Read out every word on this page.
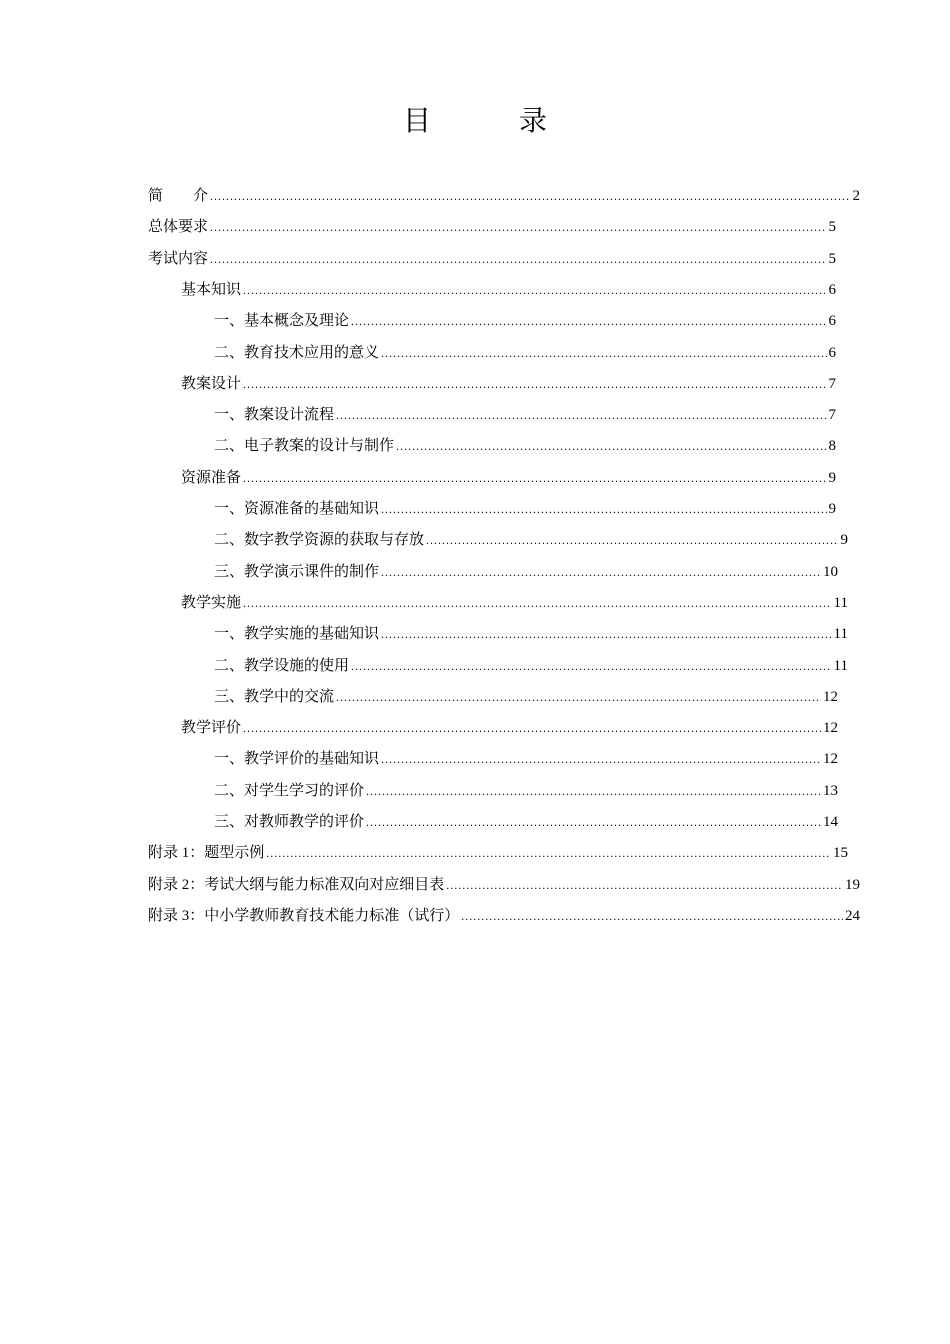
目　录
简　　介 .....	2
总体要求 .....	5
考试内容 .....	5
基本知识 .....	6
一、基本概念及理论 .....	6
二、教育技术应用的意义 .....	6
教案设计 .....	7
一、教案设计流程 .....	7
二、电子教案的设计与制作 .....	8
资源准备 .....	9
一、资源准备的基础知识 .....	9
二、数字教学资源的获取与存放 .....	9
三、教学演示课件的制作 .....	10
教学实施 .....	11
一、教学实施的基础知识 .....	11
二、教学设施的使用 .....	11
三、教学中的交流 .....	12
教学评价 .....	12
一、教学评价的基础知识 .....	12
二、对学生学习的评价 .....	13
三、对教师教学的评价 .....	14
附录 1：题型示例 .....	15
附录 2：考试大纲与能力标准双向对应细目表 .....	19
附录 3：中小学教师教育技术能力标准（试行） .....	24
